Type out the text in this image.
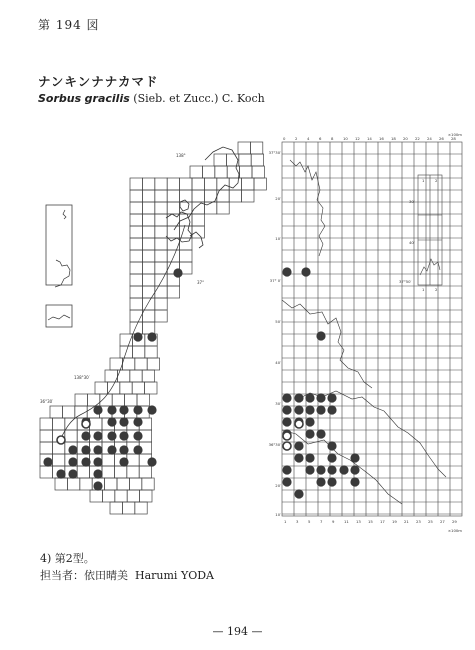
第 194 図
ナンキンナナカマド
Sorbus gracilis (Sieb. et Zucc.) C. Koch
138°
37°
138°30′
36°30′
1	2
30′
40′
37°50′
1	2
0	2	4	6	8	10 12 14 16 18 20 22 24 26 28
1	3	5	7	9	11 13 15 17 19 21 23 25 27 29
37°30′
20′
10′
37° 0′
50′
40′
30′
36°30′
20′
10′
×100m
×100m
4) 第2型。
担当者：依田晴美 Harumi YODA
— 194 —
